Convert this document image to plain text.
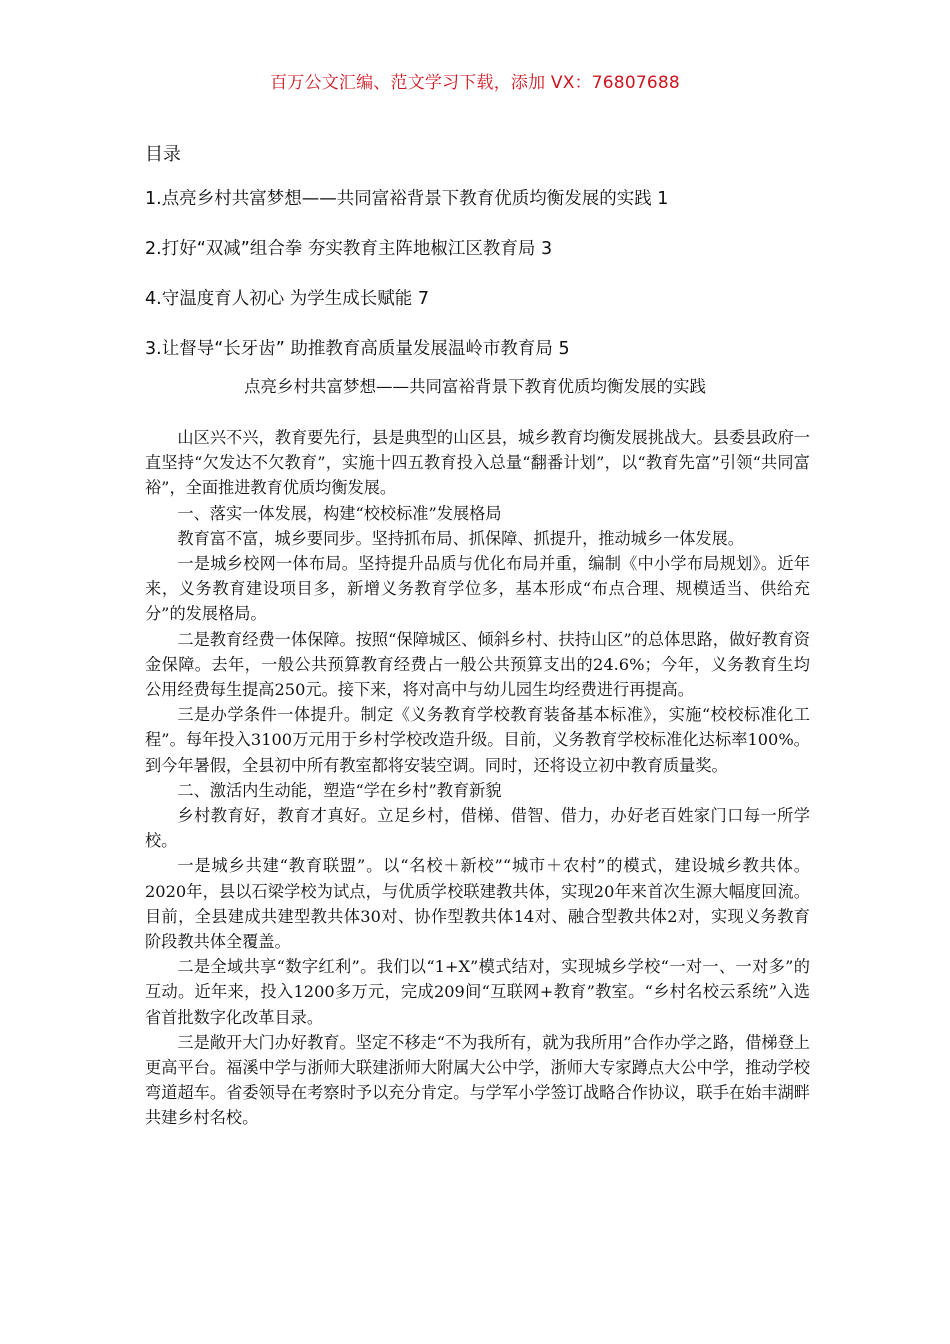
百万公文汇编、范文学习下载，添加 VX：76807688
目录
1.点亮乡村共富梦想——共同富裕背景下教育优质均衡发展的实践 1
2.打好“双减”组合拳 夯实教育主阵地椒江区教育局 3
4.守温度育人初心 为学生成长赋能 7
3.让督导“长牙齿” 助推教育高质量发展温岭市教育局 5
点亮乡村共富梦想——共同富裕背景下教育优质均衡发展的实践

山区兴不兴，教育要先行，县是典型的山区县，城乡教育均衡发展挑战大。县委县政府一直坚持“欠发达不欠教育”，实施十四五教育投入总量“翻番计划”，以“教育先富”引领“共同富裕”，全面推进教育优质均衡发展。

一、落实一体发展，构建“校校标准”发展格局

教育富不富，城乡要同步。坚持抓布局、抓保障、抓提升，推动城乡一体发展。

一是城乡校网一体布局。坚持提升品质与优化布局并重，编制《中小学布局规划》。近年来，义务教育建设项目多，新增义务教育学位多，基本形成“布点合理、规模适当、供给充分”的发展格局。

二是教育经费一体保障。按照“保障城区、倾斜乡村、扶持山区”的总体思路，做好教育资金保障。去年，一般公共预算教育经费占一般公共预算支出的24.6%；今年，义务教育生均公用经费每生提高250元。接下来，将对高中与幼儿园生均经费进行再提高。

三是办学条件一体提升。制定《义务教育学校教育装备基本标准》，实施“校校标准化工程”。每年投入3100万元用于乡村学校改造升级。目前，义务教育学校标准化达标率100%。到今年暑假，全县初中所有教室都将安装空调。同时，还将设立初中教育质量奖。

二、激活内生动能，塑造“学在乡村”教育新貌

乡村教育好，教育才真好。立足乡村，借梯、借智、借力，办好老百姓家门口每一所学校。

一是城乡共建“教育联盟”。以“名校＋新校”“城市＋农村”的模式，建设城乡教共体。2020年，县以石梁学校为试点，与优质学校联建教共体，实现20年来首次生源大幅度回流。目前，全县建成共建型教共体30对、协作型教共体14对、融合型教共体2对，实现义务教育阶段教共体全覆盖。

二是全域共享“数字红利”。我们以“1+X”模式结对，实现城乡学校“一对一、一对多”的互动。近年来，投入1200多万元，完成209间“互联网+教育”教室。“乡村名校云系统”入选省首批数字化改革目录。

三是敞开大门办好教育。坚定不移走“不为我所有，就为我所用”合作办学之路，借梯登上更高平台。福溪中学与浙师大联建浙师大附属大公中学，浙师大专家蹲点大公中学，推动学校弯道超车。省委领导在考察时予以充分肯定。与学军小学签订战略合作协议，联手在始丰湖畔共建乡村名校。
